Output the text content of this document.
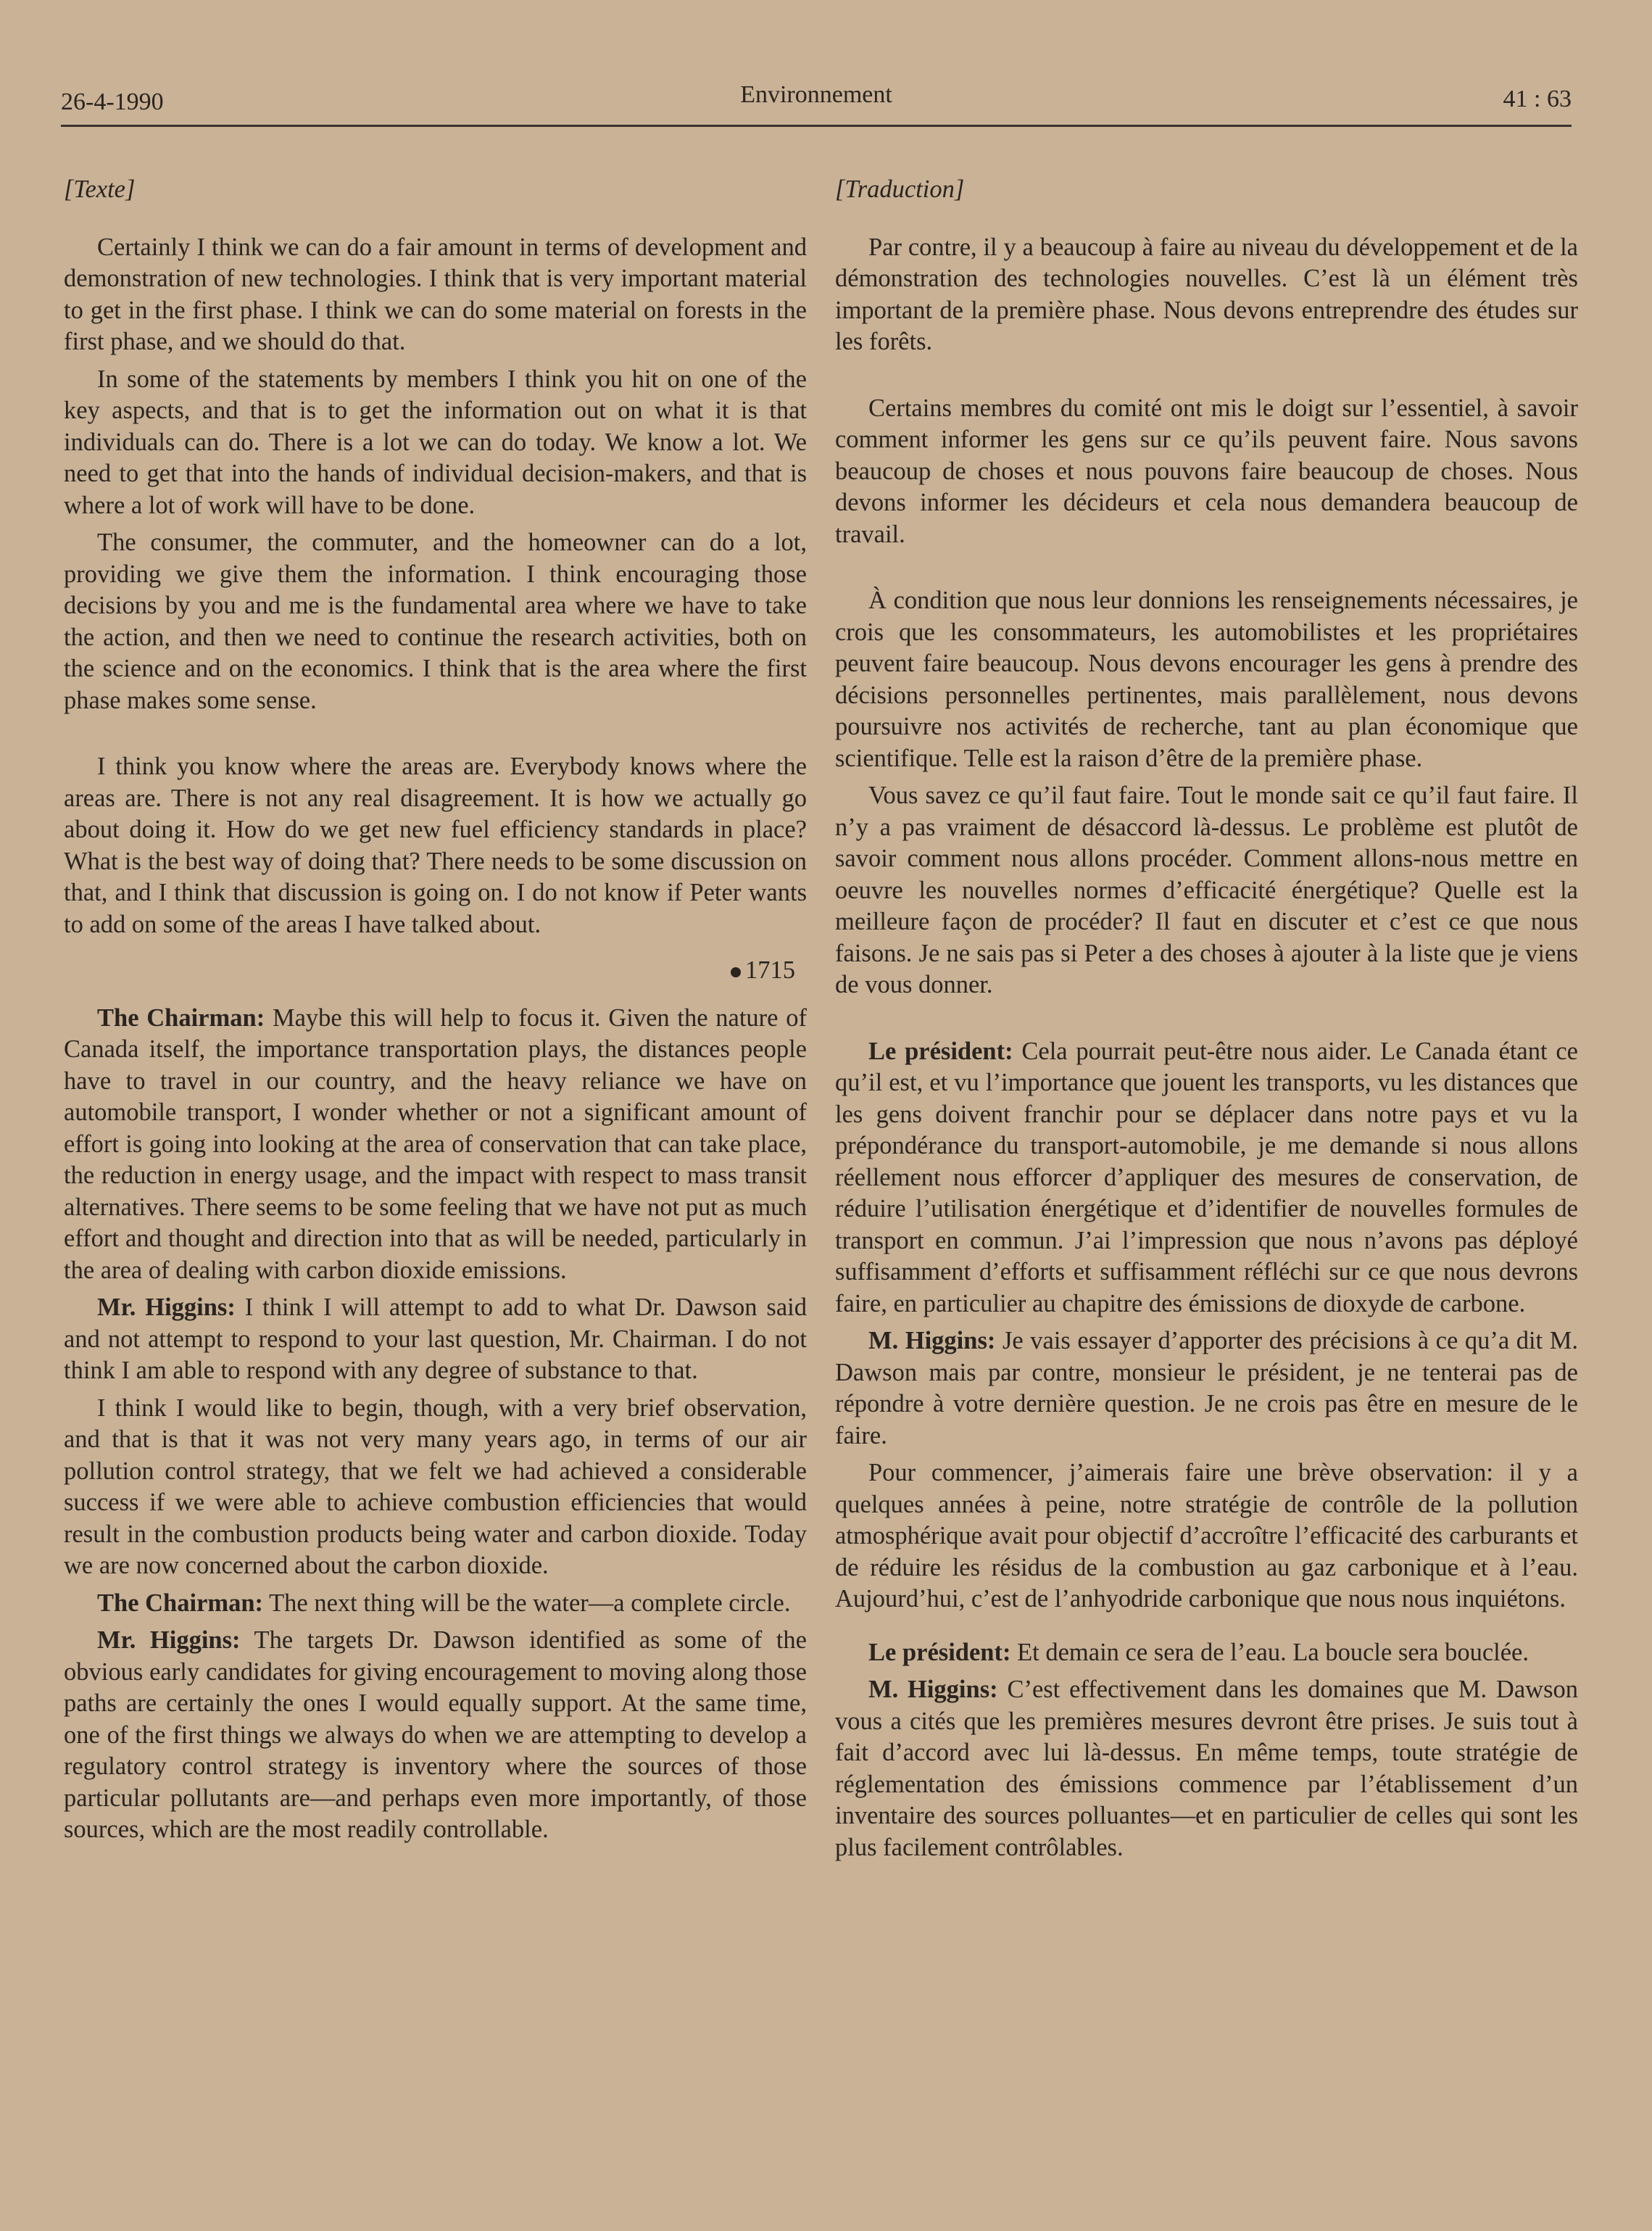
26-4-1990	Environnement	41 : 63
[Texte]

Certainly I think we can do a fair amount in terms of development and demonstration of new technologies. I think that is very important material to get in the first phase. I think we can do some material on forests in the first phase, and we should do that.

In some of the statements by members I think you hit on one of the key aspects, and that is to get the information out on what it is that individuals can do. There is a lot we can do today. We know a lot. We need to get that into the hands of individual decision-makers, and that is where a lot of work will have to be done.

The consumer, the commuter, and the homeowner can do a lot, providing we give them the information. I think encouraging those decisions by you and me is the fundamental area where we have to take the action, and then we need to continue the research activities, both on the science and on the economics. I think that is the area where the first phase makes some sense.

I think you know where the areas are. Everybody knows where the areas are. There is not any real disagreement. It is how we actually go about doing it. How do we get new fuel efficiency standards in place? What is the best way of doing that? There needs to be some discussion on that, and I think that discussion is going on. I do not know if Peter wants to add on some of the areas I have talked about.

1715

The Chairman: Maybe this will help to focus it. Given the nature of Canada itself, the importance transportation plays, the distances people have to travel in our country, and the heavy reliance we have on automobile transport, I wonder whether or not a significant amount of effort is going into looking at the area of conservation that can take place, the reduction in energy usage, and the impact with respect to mass transit alternatives. There seems to be some feeling that we have not put as much effort and thought and direction into that as will be needed, particularly in the area of dealing with carbon dioxide emissions.

Mr. Higgins: I think I will attempt to add to what Dr. Dawson said and not attempt to respond to your last question, Mr. Chairman. I do not think I am able to respond with any degree of substance to that.

I think I would like to begin, though, with a very brief observation, and that is that it was not very many years ago, in terms of our air pollution control strategy, that we felt we had achieved a considerable success if we were able to achieve combustion efficiencies that would result in the combustion products being water and carbon dioxide. Today we are now concerned about the carbon dioxide.

The Chairman: The next thing will be the water—a complete circle.

Mr. Higgins: The targets Dr. Dawson identified as some of the obvious early candidates for giving encouragement to moving along those paths are certainly the ones I would equally support. At the same time, one of the first things we always do when we are attempting to develop a regulatory control strategy is inventory where the sources of those particular pollutants are—and perhaps even more importantly, of those sources, which are the most readily controllable.

[Traduction]

Par contre, il y a beaucoup à faire au niveau du développement et de la démonstration des technologies nouvelles. C’est là un élément très important de la première phase. Nous devons entreprendre des études sur les forêts.

Certains membres du comité ont mis le doigt sur l’essentiel, à savoir comment informer les gens sur ce qu’ils peuvent faire. Nous savons beaucoup de choses et nous pouvons faire beaucoup de choses. Nous devons informer les décideurs et cela nous demandera beaucoup de travail.

À condition que nous leur donnions les renseignements nécessaires, je crois que les consommateurs, les automobilistes et les propriétaires peuvent faire beaucoup. Nous devons encourager les gens à prendre des décisions personnelles pertinentes, mais parallèlement, nous devons poursuivre nos activités de recherche, tant au plan économique que scientifique. Telle est la raison d’être de la première phase.

Vous savez ce qu’il faut faire. Tout le monde sait ce qu’il faut faire. Il n’y a pas vraiment de désaccord là-dessus. Le problème est plutôt de savoir comment nous allons procéder. Comment allons-nous mettre en oeuvre les nouvelles normes d’efficacité énergétique? Quelle est la meilleure façon de procéder? Il faut en discuter et c’est ce que nous faisons. Je ne sais pas si Peter a des choses à ajouter à la liste que je viens de vous donner.

Le président: Cela pourrait peut-être nous aider. Le Canada étant ce qu’il est, et vu l’importance que jouent les transports, vu les distances que les gens doivent franchir pour se déplacer dans notre pays et vu la prépondérance du transport-automobile, je me demande si nous allons réellement nous efforcer d’appliquer des mesures de conservation, de réduire l’utilisation énergétique et d’identifier de nouvelles formules de transport en commun. J’ai l’impression que nous n’avons pas déployé suffisamment d’efforts et suffisamment réfléchi sur ce que nous devrons faire, en particulier au chapitre des émissions de dioxyde de carbone.

M. Higgins: Je vais essayer d’apporter des précisions à ce qu’a dit M. Dawson mais par contre, monsieur le président, je ne tenterai pas de répondre à votre dernière question. Je ne crois pas être en mesure de le faire.

Pour commencer, j’aimerais faire une brève observation: il y a quelques années à peine, notre stratégie de contrôle de la pollution atmosphérique avait pour objectif d’accroître l’efficacité des carburants et de réduire les résidus de la combustion au gaz carbonique et à l’eau. Aujourd’hui, c’est de l’anhyodride carbonique que nous nous inquiétons.

Le président: Et demain ce sera de l’eau. La boucle sera bouclée.

M. Higgins: C’est effectivement dans les domaines que M. Dawson vous a cités que les premières mesures devront être prises. Je suis tout à fait d’accord avec lui là-dessus. En même temps, toute stratégie de réglementation des émissions commence par l’établissement d’un inventaire des sources polluantes—et en particulier de celles qui sont les plus facilement contrôlables.
